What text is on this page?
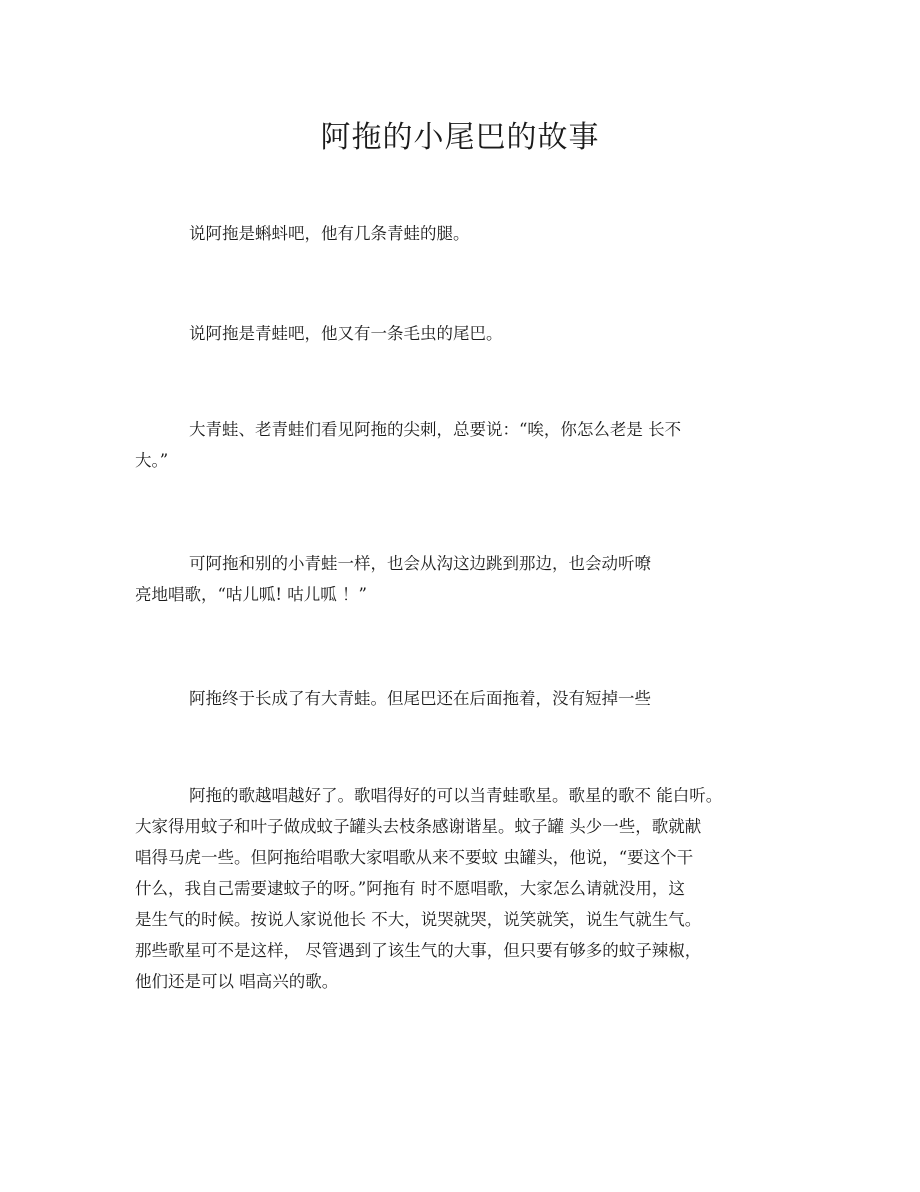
阿拖的小尾巴的故事

说阿拖是蝌蚪吧，他有几条青蛙的腿。

说阿拖是青蛙吧，他又有一条毛虫的尾巴。

大青蛙、老青蛙们看见阿拖的尖刺，总要说：“唉，你怎么老是 长不
大。”

可阿拖和别的小青蛙一样，也会从沟这边跳到那边，也会动听嘹
亮地唱歌，“咕儿呱! 咕儿呱 ！”

阿拖终于长成了有大青蛙。但尾巴还在后面拖着，没有短掉一些

阿拖的歌越唱越好了。歌唱得好的可以当青蛙歌星。歌星的歌不 能白听。
大家得用蚊子和叶子做成蚊子罐头去枝条感谢谐星。蚊子罐 头少一些，歌就献
唱得马虎一些。但阿拖给唱歌大家唱歌从来不要蚊 虫罐头，他说，“要这个干
什么，我自己需要逮蚊子的呀。”阿拖有 时不愿唱歌，大家怎么请就没用，这
是生气的时候。按说人家说他长 不大，说哭就哭，说笑就笑，说生气就生气。
那些歌星可不是这样， 尽管遇到了该生气的大事，但只要有够多的蚊子辣椒，
他们还是可以 唱高兴的歌。
